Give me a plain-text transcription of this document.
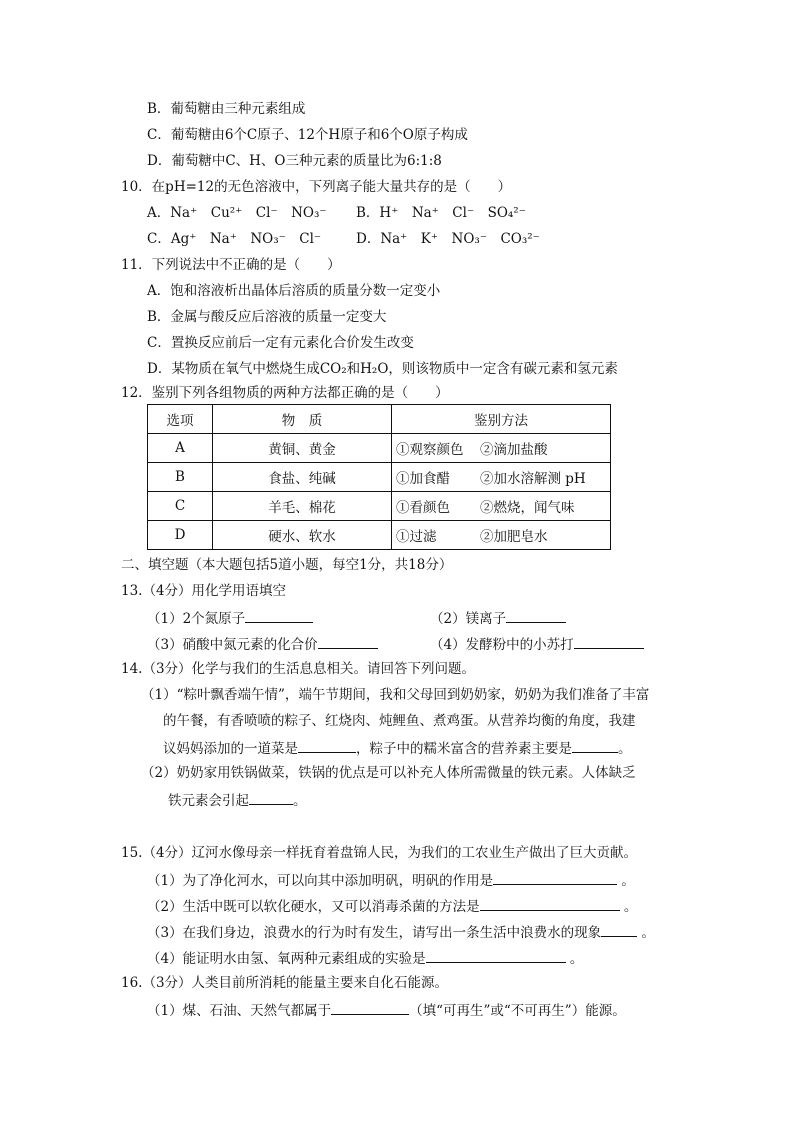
B．葡萄糖由三种元素组成
C．葡萄糖由6个C原子、12个H原子和6个O原子构成
D．葡萄糖中C、H、O三种元素的质量比为6:1:8
10．在pH=12的无色溶液中，下列离子能大量共存的是（　　）
A．Na⁺　Cu²⁺　Cl⁻　NO₃⁻ B．H⁺　Na⁺　Cl⁻　SO₄²⁻
C．Ag⁺　Na⁺　NO₃⁻　Cl⁻	D．Na⁺　K⁺　NO₃⁻　CO₃²⁻
11．下列说法中不正确的是（　　）
A．饱和溶液析出晶体后溶质的质量分数一定变小
B．金属与酸反应后溶液的质量一定变大
C．置换反应前后一定有元素化合价发生改变
D．某物质在氧气中燃烧生成CO₂和H₂O，则该物质中一定含有碳元素和氢元素
12．鉴别下列各组物质的两种方法都正确的是（　　）
选项	物　质	鉴别方法
A	黄铜、黄金	①观察颜色 ②滴加盐酸
B	食盐、纯碱	①加食醋 ②加水溶解测 pH
C	羊毛、棉花	①看颜色 ②燃烧，闻气味
D	硬水、软水	①过滤 ②加肥皂水
二、填空题（本大题包括5道小题，每空1分，共18分）
13.（4分）用化学用语填空
（1）2个氮原子	（2）镁离子
（3）硝酸中氮元素的化合价	（4）发酵粉中的小苏打
14.（3分）化学与我们的生活息息相关。请回答下列问题。
（1）“粽叶飘香端午情”，端午节期间，我和父母回到奶奶家，奶奶为我们准备了丰富
的午餐，有香喷喷的粽子、红烧肉、炖鲤鱼、煮鸡蛋。从营养均衡的角度，我建
议妈妈添加的一道菜是	，粽子中的糯米富含的营养素主要是	。
（2）奶奶家用铁锅做菜，铁锅的优点是可以补充人体所需微量的铁元素。人体缺乏
铁元素会引起	。
15.（4分）辽河水像母亲一样抚育着盘锦人民，为我们的工农业生产做出了巨大贡献。
（1）为了净化河水，可以向其中添加明矾，明矾的作用是	。
（2）生活中既可以软化硬水，又可以消毒杀菌的方法是	。
（3）在我们身边，浪费水的行为时有发生，请写出一条生活中浪费水的现象	。
（4）能证明水由氢、氧两种元素组成的实验是	。
16.（3分）人类目前所消耗的能量主要来自化石能源。
（1）煤、石油、天然气都属于	（填“可再生”或“不可再生”）能源。
